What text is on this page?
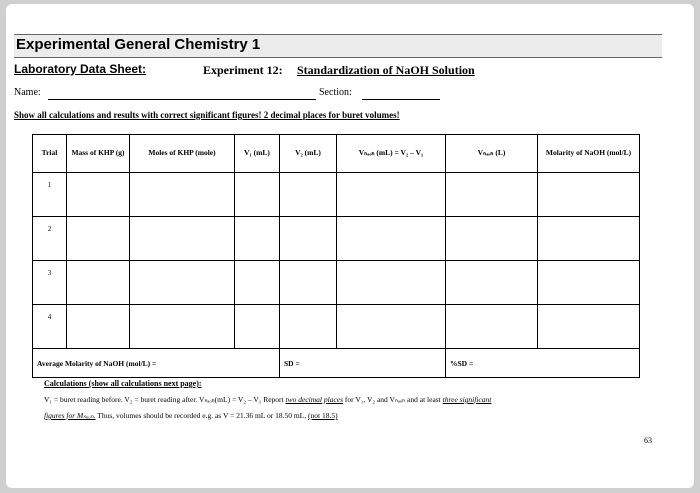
Experimental General Chemistry 1
Laboratory Data Sheet:	Experiment 12: Standardization of NaOH Solution
Name:	Section:
Show all calculations and results with correct significant figures! 2 decimal places for buret volumes!
Trial	Mass of KHP (g)	Moles of KHP (mole)	V₁ (mL)	V₂ (mL)	Vₙₐₒₕ (mL) = V₂ – V₁	Vₙₐₒₕ (L)	Molarity of NaOH (mol/L)
1							
2							
3							
4							
Average Molarity of NaOH (mol/L) =				SD =		%SD =	
Calculations (show all calculations next page):
V₁ = buret reading before. V₂ = buret reading after. Vₙₐₒₕ(mL) = V₂ – V₁ Report two decimal places for V₁, V₂ and Vₙₐₒₕ and at least three significant
figures for Mₙₐₒₕ. Thus, volumes should be recorded e.g. as V = 21.36 mL or 18.50 mL, (not 18.5)
63
